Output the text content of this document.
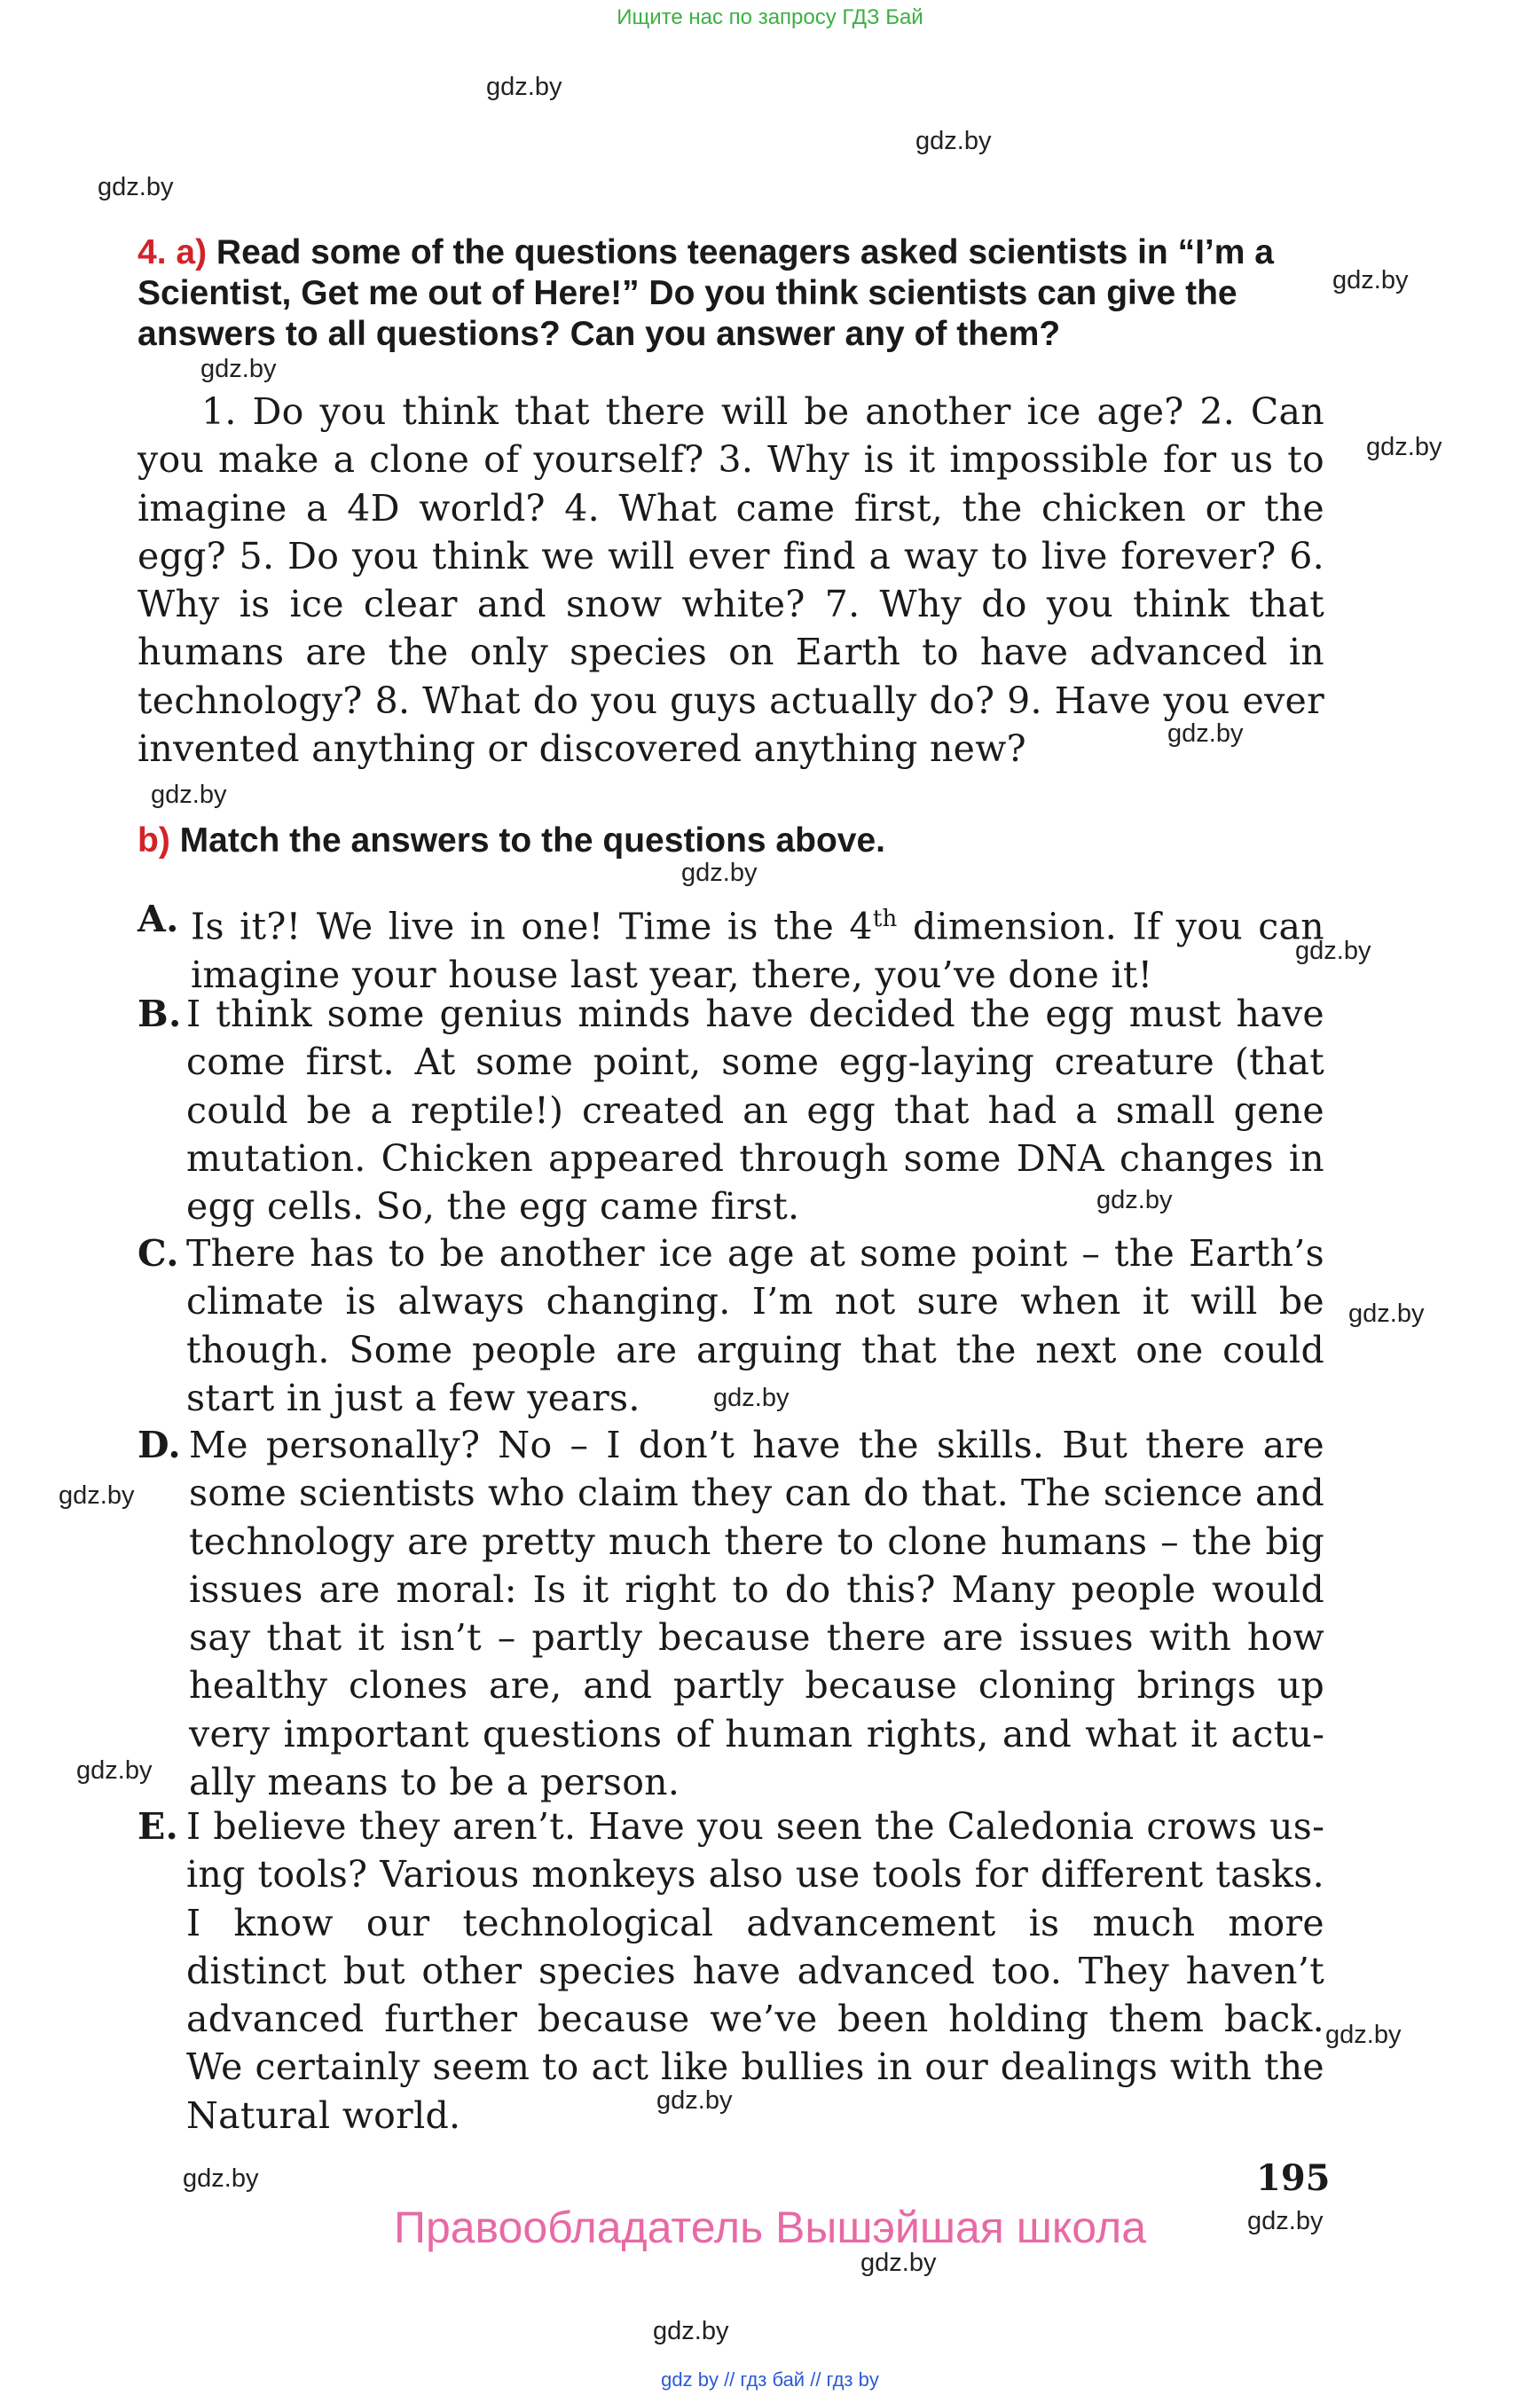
Ищите нас по запросу ГДЗ Бай
gdz.by
gdz.by
gdz.by
gdz.by
gdz.by
gdz.by
gdz.by
gdz.by
gdz.by
gdz.by
gdz.by
gdz.by
gdz.by
gdz.by
gdz.by
gdz.by
gdz.by
gdz.by
gdz.by
gdz.by
gdz.by
4. a) Read some of the questions teenagers asked scientists in “I’m a Scientist, Get me out of Here!” Do you think scientists can give the answers to all questions? Can you answer any of them?
1. Do you think that there will be another ice age? 2. Can you make a clone of yourself? 3. Why is it impossible for us to imagine a 4D world? 4. What came first, the chicken or the egg? 5. Do you think we will ever find a way to live forever? 6. Why is ice clear and snow white? 7. Why do you think that humans are the only species on Earth to have advanced in technology? 8. What do you guys actually do? 9. Have you ever invented anything or discovered anything new?
b) Match the answers to the questions above.
A. Is it?! We live in one! Time is the 4th dimension. If you can imagine your house last year, there, you’ve done it!
B. I think some genius minds have decided the egg must have come first. At some point, some egg-laying creature (that could be a reptile!) created an egg that had a small gene mutation. Chicken appeared through some DNA changes in egg cells. So, the egg came first.
C. There has to be another ice age at some point – the Earth’s climate is always changing. I’m not sure when it will be though. Some people are arguing that the next one could start in just a few years.
D. Me personally? No – I don’t have the skills. But there are some scientists who claim they can do that. The science and technology are pretty much there to clone humans – the big issues are moral: Is it right to do this? Many people would say that it isn’t – partly because there are issues with how healthy clones are, and partly because cloning brings up very important questions of human rights, and what it actually means to be a person.
E. I believe they aren’t. Have you seen the Caledonia crows using tools? Various monkeys also use tools for different tasks. I know our technological advancement is much more distinct but other species have advanced too. They haven’t advanced further because we’ve been holding them back. We certainly seem to act like bullies in our dealings with the Natural world.
195
Правообладатель Вышэйшая школа
gdz by // гдз бай // гдз by
